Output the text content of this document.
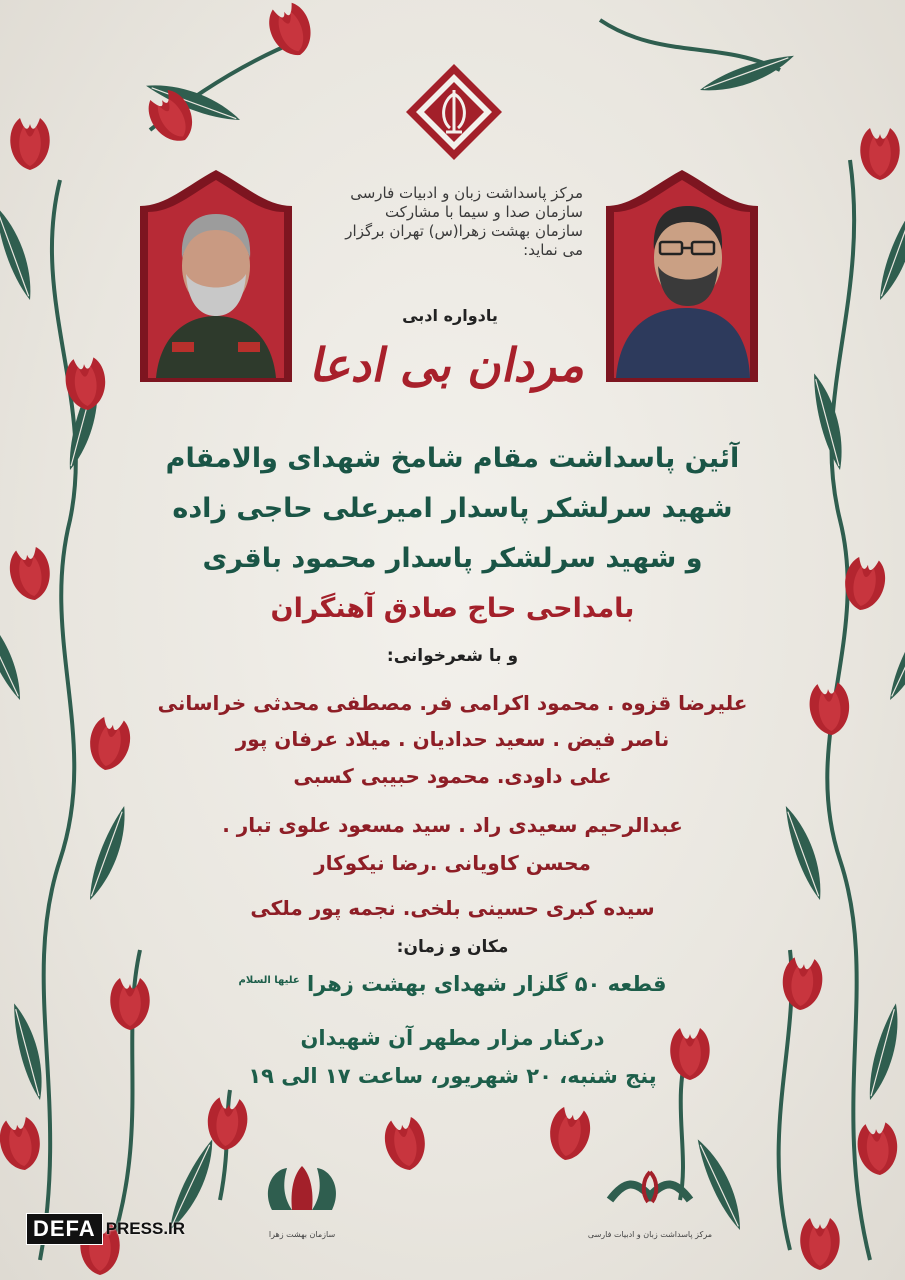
مرکز پاسداشت زبان و ادبیات فارسی
سازمان صدا و سیما با مشارکت
سازمان بهشت زهرا(س) تهران برگزار
می نماید:
یادواره ادبی
مردان بی ادعا
آئین پاسداشت مقام شامخ شهدای والامقام
شهید سرلشکر پاسدار امیرعلی حاجی زاده
و شهید سرلشکر پاسدار محمود باقری
بامداحی حاج صادق آهنگران
و با شعرخوانی:
علیرضا قزوه . محمود اکرامی فر. مصطفی محدثی خراسانی
ناصر فیض . سعید حدادیان . میلاد عرفان پور
علی داودی. محمود حبیبی کسبی
عبدالرحیم سعیدی راد . سید مسعود علوی تبار .
محسن کاویانی .رضا نیکوکار
سیده کبری حسینی بلخی. نجمه پور ملکی
مکان و زمان:
قطعه ۵۰ گلزار شهدای بهشت زهرا $^{علیها السلام}$
درکنار مزار مطهر آن شهیدان
پنج شنبه، ۲۰ شهریور، ساعت ۱۷ الی ۱۹
سازمان بهشت زهرا	مرکز پاسداشت زبان و ادبیات فارسی
DEFA PRESS.IR
